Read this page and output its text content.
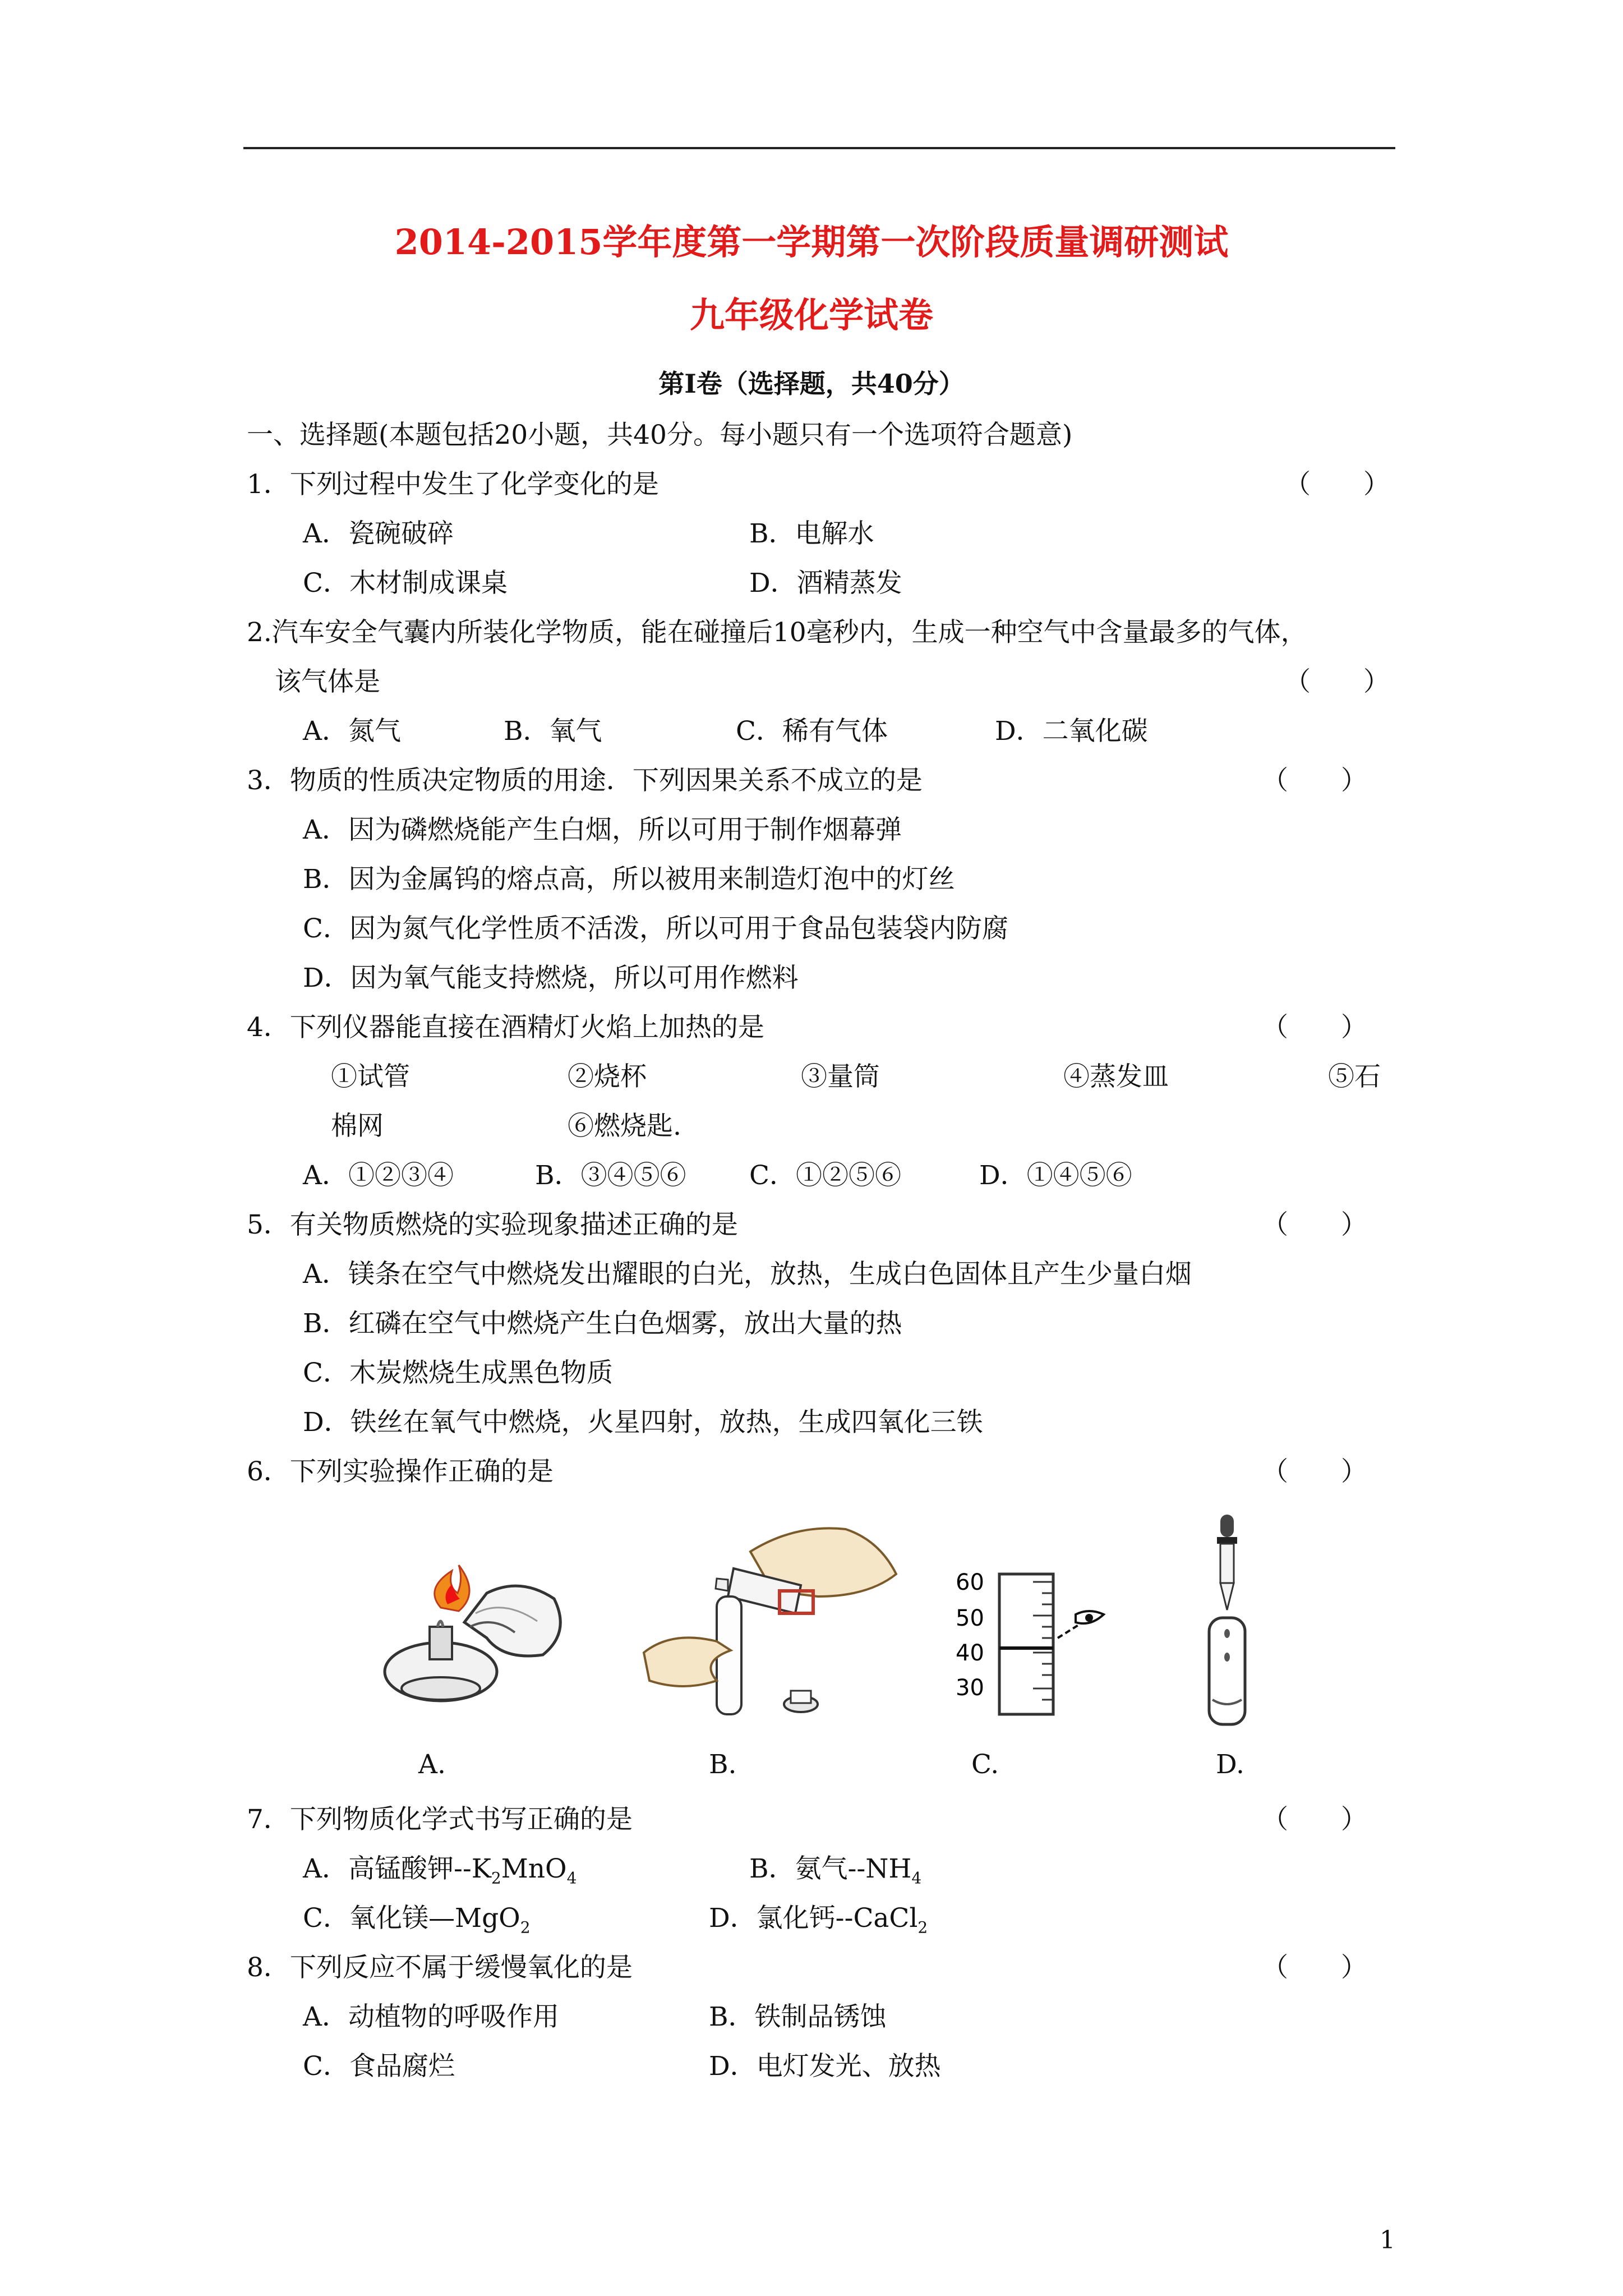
2014-2015学年度第一学期第一次阶段质量调研测试
九年级化学试卷
第Ⅰ卷（选择题，共40分）
一、选择题(本题包括20小题，共40分。每小题只有一个选项符合题意)
1．下列过程中发生了化学变化的是	（　　）
A．瓷碗破碎	B．电解水
C．木材制成课桌	D．酒精蒸发
2.汽车安全气囊内所装化学物质，能在碰撞后10毫秒内，生成一种空气中含量最多的气体，
该气体是	（　　）
A．氮气	B．氧气	C．稀有气体	D．二氧化碳
3．物质的性质决定物质的用途．下列因果关系不成立的是	（　　）
A．因为磷燃烧能产生白烟，所以可用于制作烟幕弹
B．因为金属钨的熔点高，所以被用来制造灯泡中的灯丝
C．因为氮气化学性质不活泼，所以可用于食品包装袋内防腐
D．因为氧气能支持燃烧，所以可用作燃料
4．下列仪器能直接在酒精灯火焰上加热的是	（　　）
①试管	②烧杯	③量筒	④蒸发皿	⑤石
棉网	⑥燃烧匙.
A．①②③④	B．③④⑤⑥ C．①②⑤⑥	D．①④⑤⑥
5．有关物质燃烧的实验现象描述正确的是	（　　）
A．镁条在空气中燃烧发出耀眼的白光，放热，生成白色固体且产生少量白烟
B．红磷在空气中燃烧产生白色烟雾，放出大量的热
C．木炭燃烧生成黑色物质
D．铁丝在氧气中燃烧，火星四射，放热，生成四氧化三铁
6．下列实验操作正确的是	（　　）
60
50
40
30
A.	B.	C.	D.
7．下列物质化学式书写正确的是	（　　）
A．高锰酸钾$--K_2MnO_4$	B．氨气$--NH_4$
C．氧化镁—MgO$_2$	D．氯化钙--CaCl$_2$
8．下列反应不属于缓慢氧化的是	（　　）
A．动植物的呼吸作用	B．铁制品锈蚀
C．食品腐烂	D．电灯发光、放热
1
